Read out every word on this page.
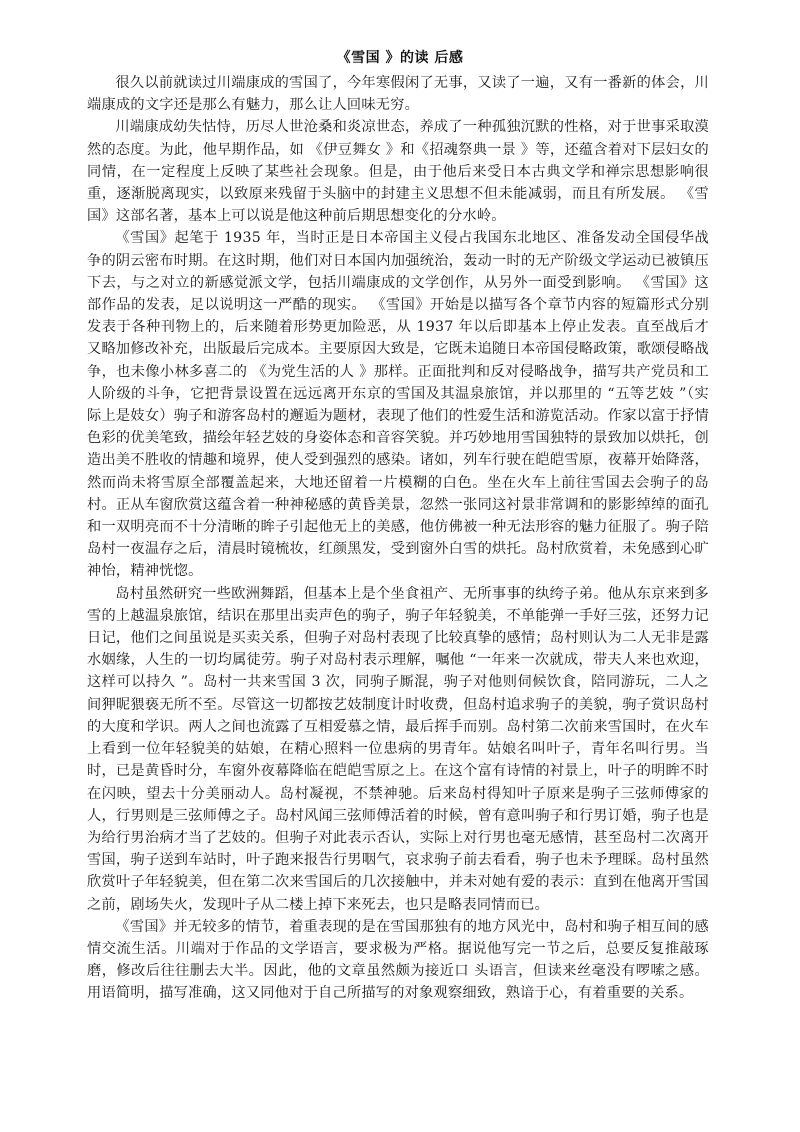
《雪国 》的读 后感

很久以前就读过川端康成的雪国了，今年寒假闲了无事，又读了一遍，又有一番新的体会，川端康成的文字还是那么有魅力，那么让人回味无穷。

川端康成幼失怙恃，历尽人世沧桑和炎凉世态，养成了一种孤独沉默的性格，对于世事采取漠然的态度。为此，他早期作品，如 《伊豆舞女 》和《招魂祭典一景 》等，还蕴含着对下层妇女的同情，在一定程度上反映了某些社会现象。但是，由于他后来受日本古典文学和禅宗思想影响很重，逐渐脱离现实，以致原来残留于头脑中的封建主义思想不但未能减弱，而且有所发展。 《雪国》这部名著，基本上可以说是他这种前后期思想变化的分水岭。

《雪国》起笔于 1935 年，当时正是日本帝国主义侵占我国东北地区、准备发动全国侵华战争的阴云密布时期。在这时期，他们对日本国内加强统治，轰动一时的无产阶级文学运动已被镇压下去，与之对立的新感觉派文学，包括川端康成的文学创作，从另外一面受到影响。 《雪国》这部作品的发表，足以说明这一严酷的现实。 《雪国》开始是以描写各个章节内容的短篇形式分别发表于各种刊物上的，后来随着形势更加险恶，从 1937 年以后即基本上停止发表。直至战后才又略加修改补充，出版最后完成本。主要原因大致是，它既未追随日本帝国侵略政策，歌颂侵略战争，也未像小林多喜二的 《为党生活的人 》那样。正面批判和反对侵略战争，描写共产党员和工人阶级的斗争，它把背景设置在远远离开东京的雪国及其温泉旅馆，并以那里的 “五等艺妓 ”（实际上是妓女）驹子和游客岛村的邂逅为题材，表现了他们的性爱生活和游览活动。作家以富于抒情色彩的优美笔致，描绘年轻艺妓的身姿体态和音容笑貌。并巧妙地用雪国独特的景致加以烘托，创造出美不胜收的情趣和境界，使人受到强烈的感染。诸如，列车行驶在皑皑雪原，夜幕开始降落，然而尚未将雪原全部覆盖起来，大地还留着一片模糊的白色。坐在火车上前往雪国去会驹子的岛村。正从车窗欣赏这蕴含着一种神秘感的黄昏美景，忽然一张同这衬景非常调和的影影绰绰的面孔和一双明亮而不十分清晰的眸子引起他无上的美感，他仿佛被一种无法形容的魅力征服了。驹子陪岛村一夜温存之后，清晨时镜梳妆，红颜黑发，受到窗外白雪的烘托。岛村欣赏着，未免感到心旷神怡，精神恍惚。

岛村虽然研究一些欧洲舞蹈，但基本上是个坐食祖产、无所事事的纨绔子弟。他从东京来到多雪的上越温泉旅馆，结识在那里出卖声色的驹子，驹子年轻貌美，不单能弹一手好三弦，还努力记日记，他们之间虽说是买卖关系，但驹子对岛村表现了比较真挚的感情；岛村则认为二人无非是露水姻缘，人生的一切均属徒劳。驹子对岛村表示理解，嘱他 “一年来一次就成，带夫人来也欢迎，这样可以持久 ”。岛村一共来雪国 3 次，同驹子厮混，驹子对他则伺候饮食，陪同游玩，二人之间狎昵猥亵无所不至。尽管这一切都按艺妓制度计时收费，但岛村追求驹子的美貌，驹子赏识岛村的大度和学识。两人之间也流露了互相爱慕之情，最后挥手而别。岛村第二次前来雪国时，在火车上看到一位年轻貌美的姑娘，在精心照料一位患病的男青年。姑娘名叫叶子，青年名叫行男。当时，已是黄昏时分，车窗外夜幕降临在皑皑雪原之上。在这个富有诗情的衬景上，叶子的明眸不时在闪映，望去十分美丽动人。岛村凝视，不禁神驰。后来岛村得知叶子原来是驹子三弦师傅家的人，行男则是三弦师傅之子。岛村风闻三弦师傅活着的时候，曾有意叫驹子和行男订婚，驹子也是为给行男治病才当了艺妓的。但驹子对此表示否认，实际上对行男也毫无感情，甚至岛村二次离开雪国，驹子送到车站时，叶子跑来报告行男咽气，哀求驹子前去看看，驹子也未予理睬。岛村虽然欣赏叶子年轻貌美，但在第二次来雪国后的几次接触中，并未对她有爱的表示：直到在他离开雪国之前，剧场失火，发现叶子从二楼上掉下来死去，也只是略表同情而已。

《雪国》并无较多的情节，着重表现的是在雪国那独有的地方风光中，岛村和驹子相互间的感情交流生活。川端对于作品的文学语言，要求极为严格。据说他写完一节之后，总要反复推敲琢磨，修改后往往删去大半。因此，他的文章虽然颇为接近口 头语言，但读来丝毫没有啰嗦之感。用语简明，描写准确，这又同他对于自己所描写的对象观察细致，熟谙于心，有着重要的关系。
